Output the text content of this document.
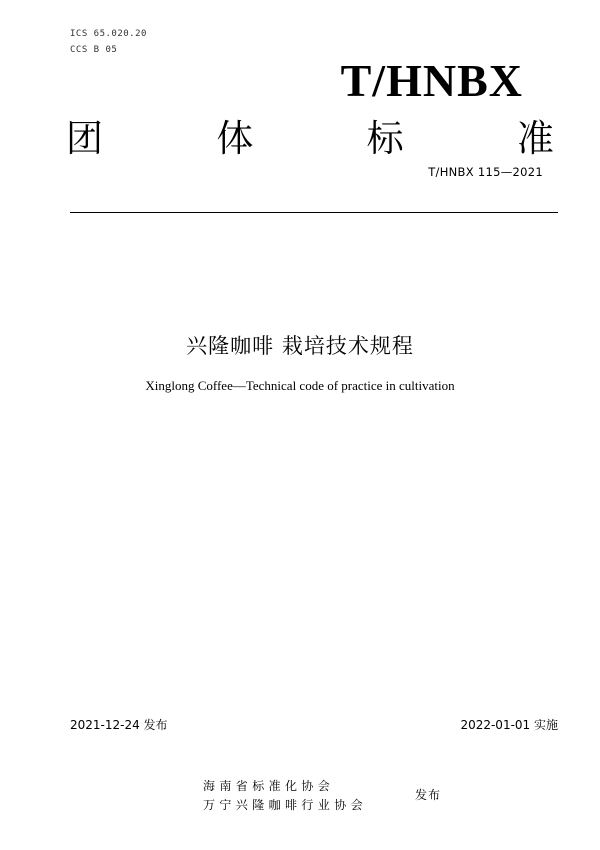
ICS 65.020.20
CCS B 05
T/HNBX
团	体	标	准
T/HNBX 115—2021
兴隆咖啡 栽培技术规程
Xinglong Coffee—Technical code of practice in cultivation
2021-12-24 发布	2022-01-01 实施
海南省标准化协会
万宁兴隆咖啡行业协会
发布
